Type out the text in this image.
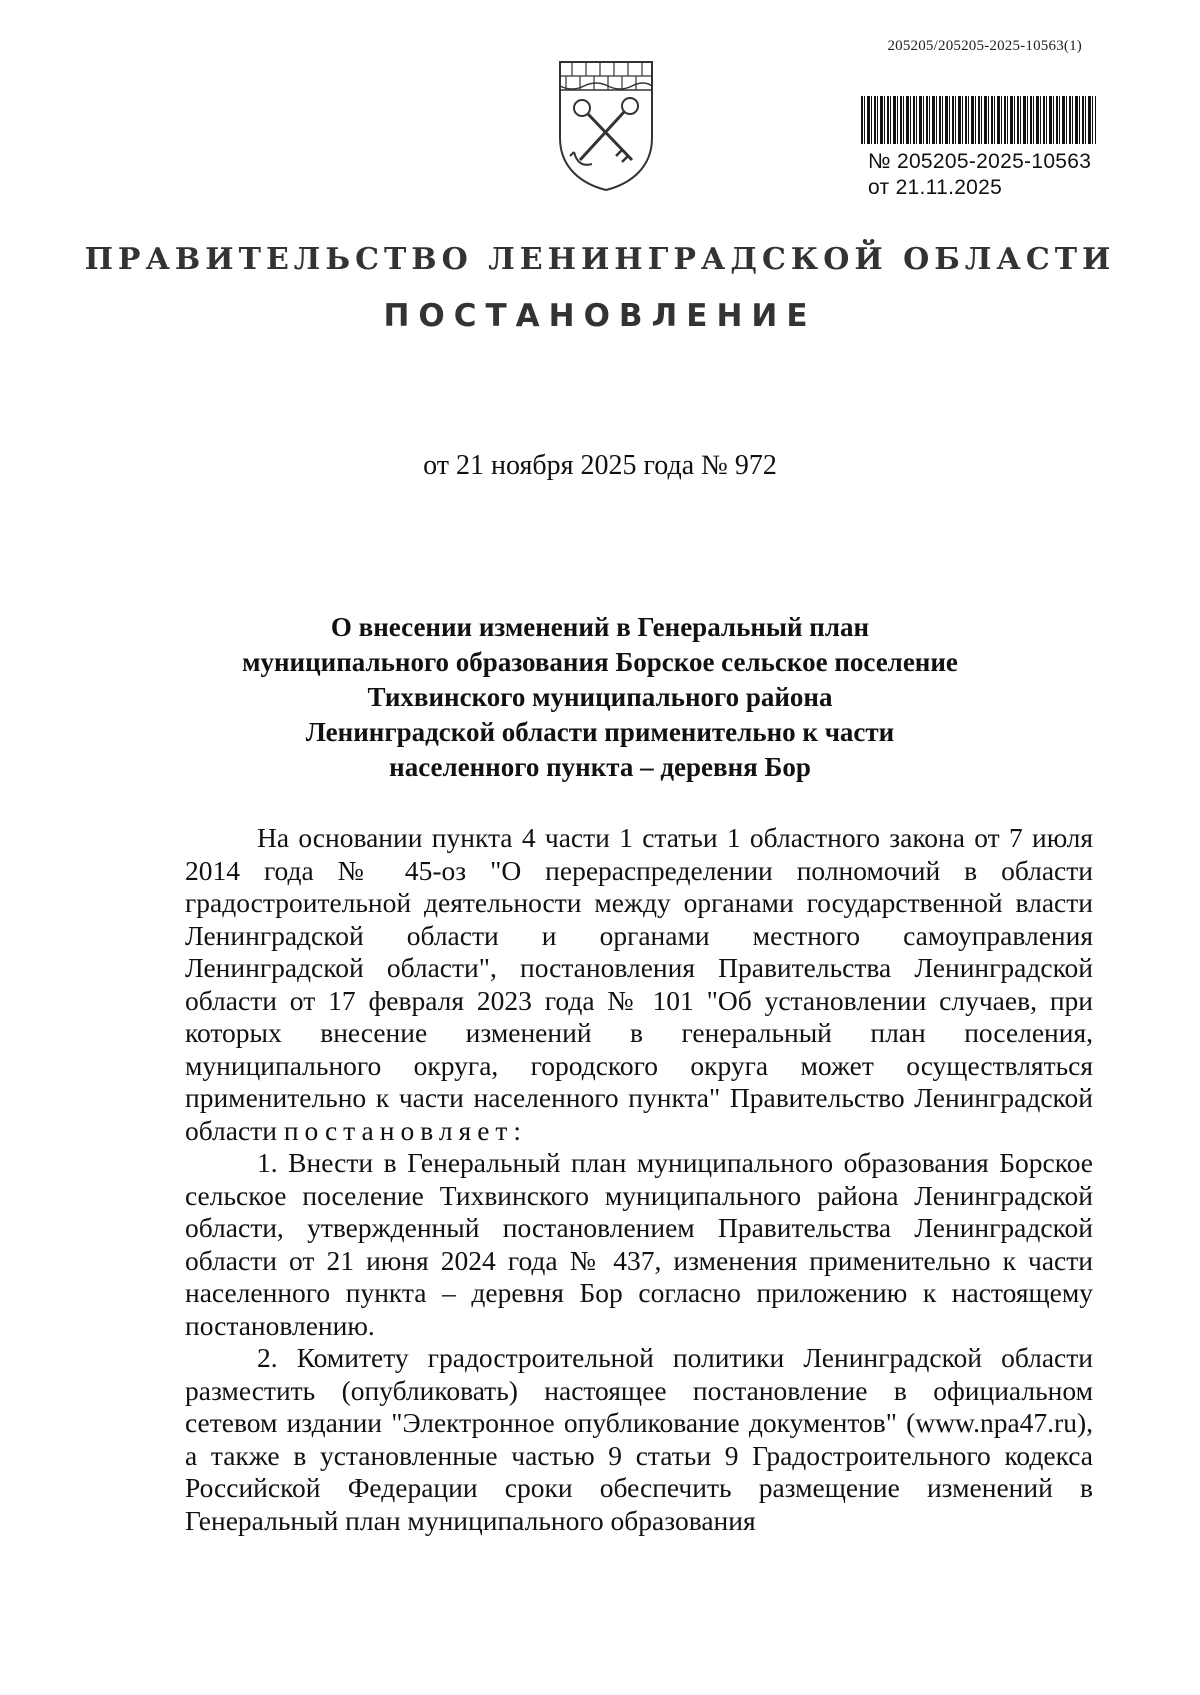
205205/205205-2025-10563(1)
№ 205205-2025-10563
от 21.11.2025
ПРАВИТЕЛЬСТВО ЛЕНИНГРАДСКОЙ ОБЛАСТИ
ПОСТАНОВЛЕНИЕ
от 21 ноября 2025 года № 972
О внесении изменений в Генеральный план
муниципального образования Борское сельское поселение
Тихвинского муниципального района
Ленинградской области применительно к части
населенного пункта – деревня Бор

На основании пункта 4 части 1 статьи 1 областного закона от 7 июля 2014 года № 45-оз "О перераспределении полномочий в области градостроительной деятельности между органами государственной власти Ленинградской области и органами местного самоуправления Ленинградской области", постановления Правительства Ленинградской области от 17 февраля 2023 года № 101 "Об установлении случаев, при которых внесение изменений в генеральный план поселения, муниципального округа, городского округа может осуществляться применительно к части населенного пункта" Правительство Ленинградской области постановляет:

1. Внести в Генеральный план муниципального образования Борское сельское поселение Тихвинского муниципального района Ленинградской области, утвержденный постановлением Правительства Ленинградской области от 21 июня 2024 года № 437, изменения применительно к части населенного пункта – деревня Бор согласно приложению к настоящему постановлению.

2. Комитету градостроительной политики Ленинградской области разместить (опубликовать) настоящее постановление в официальном сетевом издании "Электронное опубликование документов" (www.npa47.ru), а также в установленные частью 9 статьи 9 Градостроительного кодекса Российской Федерации сроки обеспечить размещение изменений в Генеральный план муниципального образования
